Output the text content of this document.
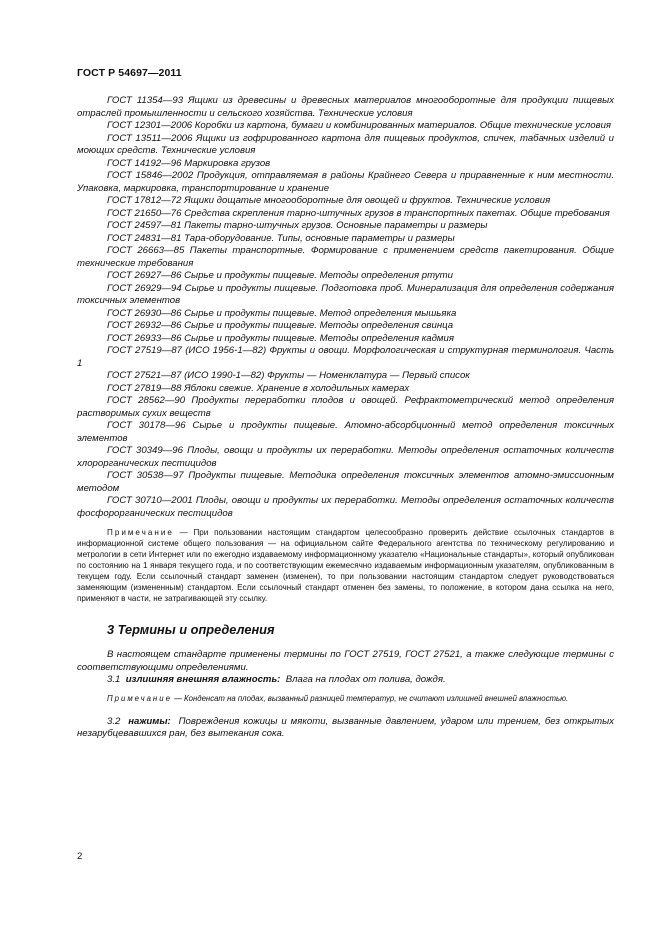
ГОСТ Р 54697—2011

ГОСТ 11354—93 Ящики из древесины и древесных материалов многооборотные для продукции пищевых отраслей промышленности и сельского хозяйства. Технические условия

ГОСТ 12301—2006 Коробки из картона, бумаги и комбинированных материалов. Общие технические условия

ГОСТ 13511—2006 Ящики из гофрированного картона для пищевых продуктов, спичек, табачных изделий и моющих средств. Технические условия

ГОСТ 14192—96 Маркировка грузов

ГОСТ 15846—2002 Продукция, отправляемая в районы Крайнего Севера и приравненные к ним местности. Упаковка, маркировка, транспортирование и хранение

ГОСТ 17812—72 Ящики дощатые многооборотные для овощей и фруктов. Технические условия

ГОСТ 21650—76 Средства скрепления тарно-штучных грузов в транспортных пакетах. Общие требования

ГОСТ 24597—81 Пакеты тарно-штучных грузов. Основные параметры и размеры

ГОСТ 24831—81 Тара-оборудование. Типы, основные параметры и размеры

ГОСТ 26663—85 Пакеты транспортные. Формирование с применением средств пакетирования. Общие технические требования

ГОСТ 26927—86 Сырье и продукты пищевые. Методы определения ртути

ГОСТ 26929—94 Сырье и продукты пищевые. Подготовка проб. Минерализация для определения содержания токсичных элементов

ГОСТ 26930—86 Сырье и продукты пищевые. Метод определения мышьяка

ГОСТ 26932—86 Сырье и продукты пищевые. Методы определения свинца

ГОСТ 26933—86 Сырье и продукты пищевые. Методы определения кадмия

ГОСТ 27519—87 (ИСО 1956-1—82) Фрукты и овощи. Морфологическая и структурная терминология. Часть 1

ГОСТ 27521—87 (ИСО 1990-1—82) Фрукты — Номенклатура — Первый список

ГОСТ 27819—88 Яблоки свежие. Хранение в холодильных камерах

ГОСТ 28562—90 Продукты переработки плодов и овощей. Рефрактометрический метод определения растворимых сухих веществ

ГОСТ 30178—96 Сырье и продукты пищевые. Атомно-абсорбционный метод определения токсичных элементов

ГОСТ 30349—96 Плоды, овощи и продукты их переработки. Методы определения остаточных количеств хлорорганических пестицидов

ГОСТ 30538—97 Продукты пищевые. Методика определения токсичных элементов атомно-эмиссионным методом

ГОСТ 30710—2001 Плоды, овощи и продукты их переработки. Методы определения остаточных количеств фосфорорганических пестицидов

Примечание — При пользовании настоящим стандартом целесообразно проверить действие ссылочных стандартов в информационной системе общего пользования — на официальном сайте Федерального агентства по техническому регулированию и метрологии в сети Интернет или по ежегодно издаваемому информационному указателю «Национальные стандарты», который опубликован по состоянию на 1 января текущего года, и по соответствующим ежемесячно издаваемым информационным указателям, опубликованным в текущем году. Если ссылочный стандарт заменен (изменен), то при пользовании настоящим стандартом следует руководствоваться заменяющим (измененным) стандартом. Если ссылочный стандарт отменен без замены, то положение, в котором дана ссылка на него, применяют в части, не затрагивающей эту ссылку.

3 Термины и определения

В настоящем стандарте применены термины по ГОСТ 27519, ГОСТ 27521, а также следующие термины с соответствующими определениями.

3.1 излишняя внешняя влажность: Влага на плодах от полива, дождя.

Примечание — Конденсат на плодах, вызванный разницей температур, не считают излишней внешней влажностью.

3.2 нажимы: Повреждения кожицы и мякоти, вызванные давлением, ударом или трением, без открытых незарубцевавшихся ран, без вытекания сока.

2
